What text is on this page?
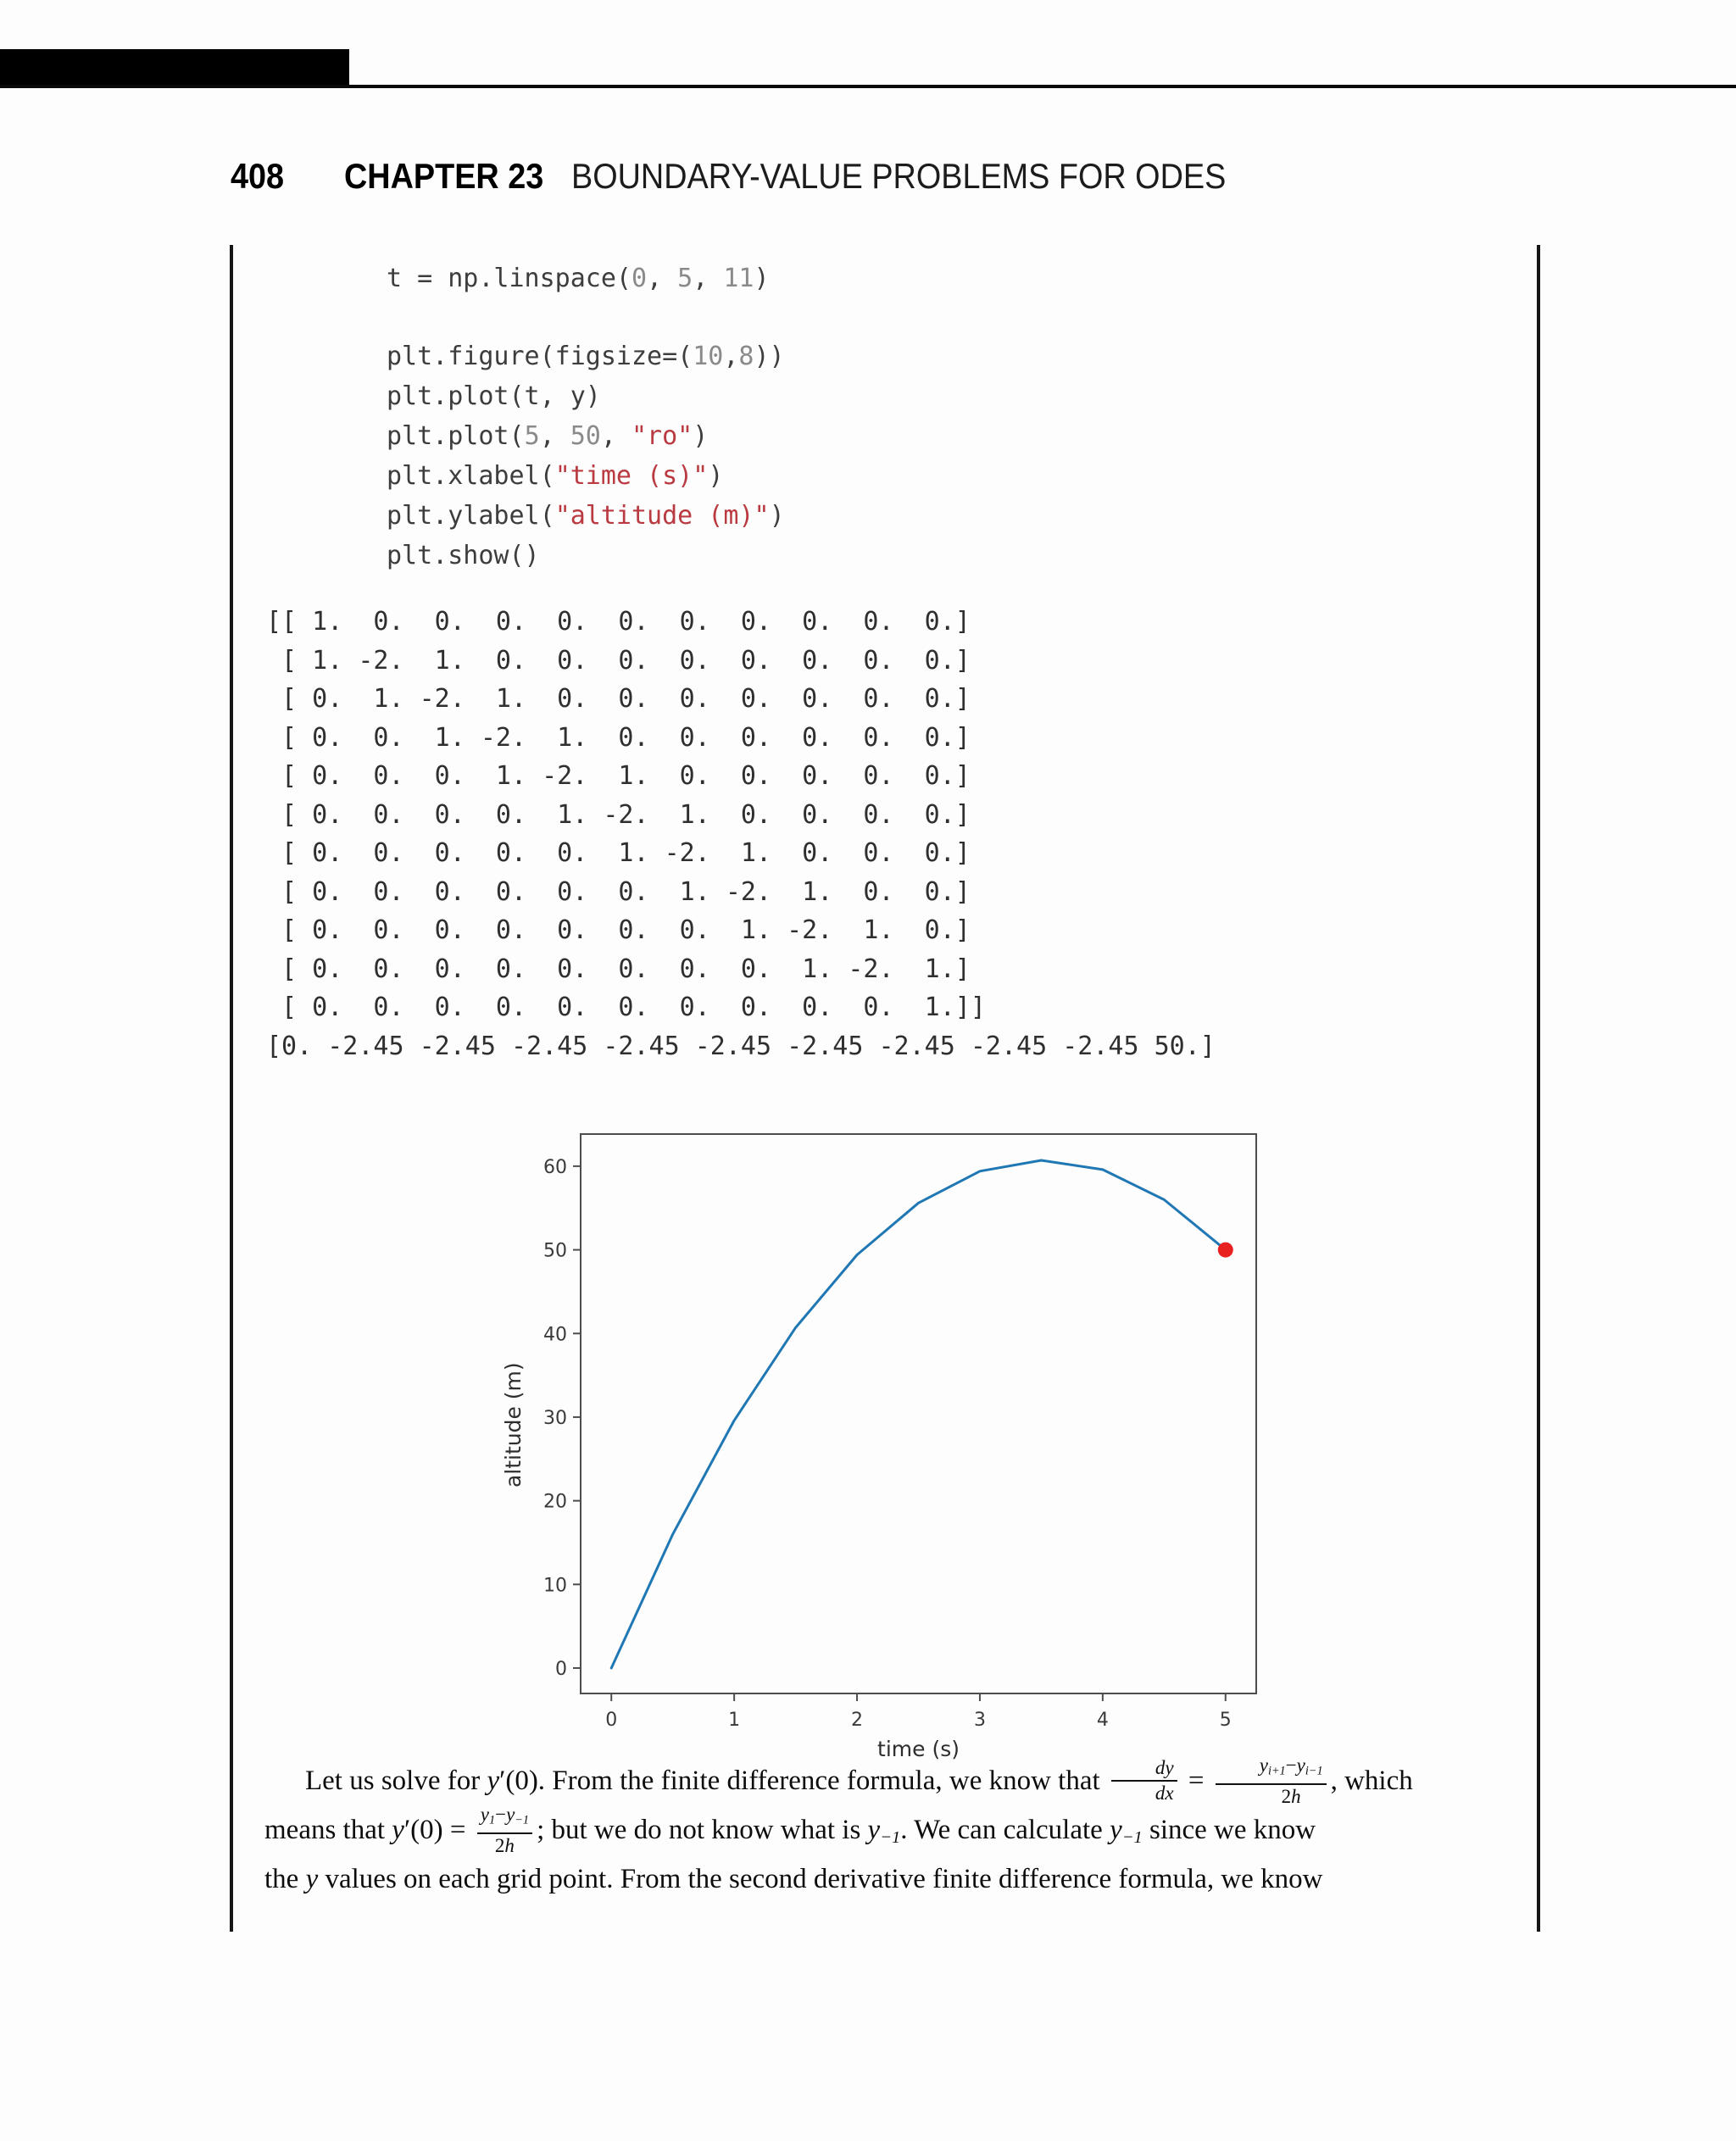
408 CHAPTER 23 BOUNDARY-VALUE PROBLEMS FOR ODES
t = np.linspace(0, 5, 11)
plt.figure(figsize=(10,8))
plt.plot(t, y)
plt.plot(5, 50, "ro")
plt.xlabel("time (s)")
plt.ylabel("altitude (m)")
plt.show()
[[ 1.  0.  0.  0.  0.  0.  0.  0.  0.  0.  0.]
[ 1. -2.  1.  0.  0.  0.  0.  0.  0.  0.  0.]
[ 0.  1. -2.  1.  0.  0.  0.  0.  0.  0.  0.]
[ 0.  0.  1. -2.  1.  0.  0.  0.  0.  0.  0.]
[ 0.  0.  0.  1. -2.  1.  0.  0.  0.  0.  0.]
[ 0.  0.  0.  0.  1. -2.  1.  0.  0.  0.  0.]
[ 0.  0.  0.  0.  0.  1. -2.  1.  0.  0.  0.]
[ 0.  0.  0.  0.  0.  0.  1. -2.  1.  0.  0.]
[ 0.  0.  0.  0.  0.  0.  0.  1. -2.  1.  0.]
[ 0.  0.  0.  0.  0.  0.  0.  0.  1. -2.  1.]
[ 0.  0.  0.  0.  0.  0.  0.  0.  0.  0.  1.]]
[0. -2.45 -2.45 -2.45 -2.45 -2.45 -2.45 -2.45 -2.45 -2.45 50.]
0	1	2	3	4	5
0
10
20
30
40
50
60
time (s)
altitude (m)
Let us solve for y′(0). From the finite difference formula, we know that $\frac{dy}{dx} = \frac{yi+1-yi-1}{2h}$ , which
means that $y'(0) = \frac{y1-y-1}{2h}$ ; but we do not know what is y−1. We can calculate y−1 since we know
the y values on each grid point. From the second derivative finite difference formula, we know
